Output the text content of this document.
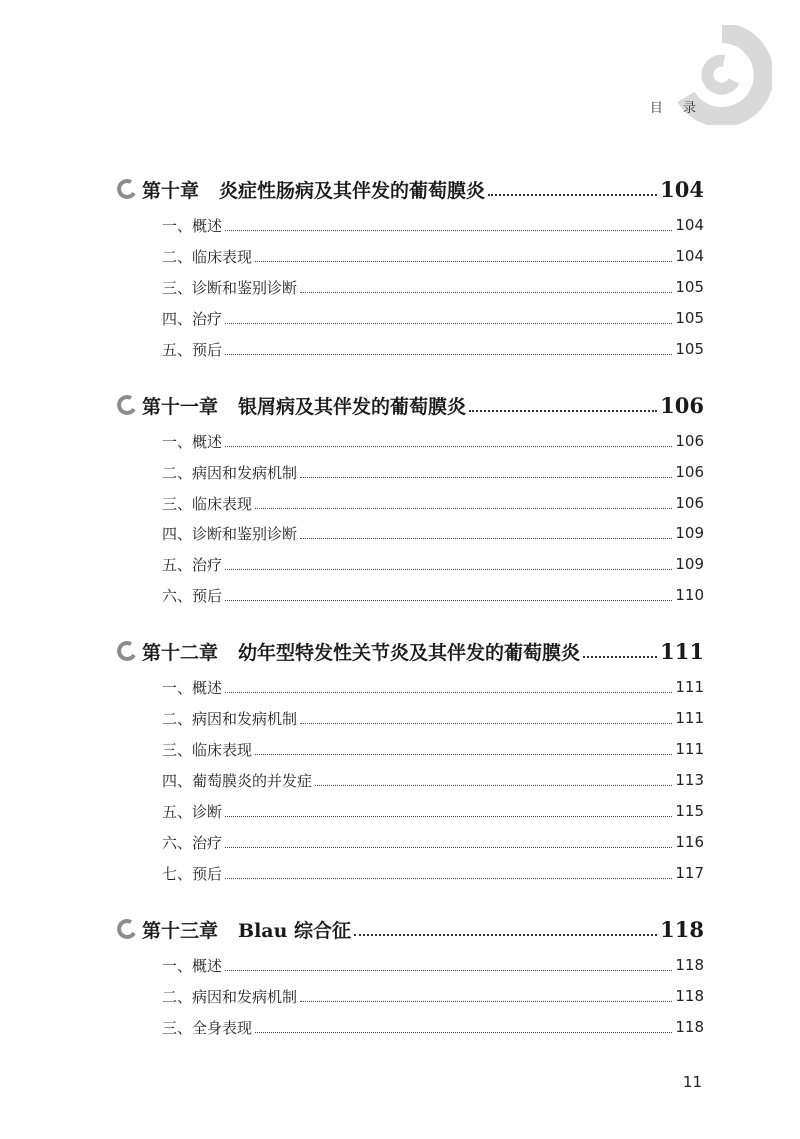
目 录
第十章 炎症性肠病及其伴发的葡萄膜炎	104
一、概述	104
二、临床表现	104
三、诊断和鉴别诊断	105
四、治疗	105
五、预后	105
第十一章 银屑病及其伴发的葡萄膜炎	106
一、概述	106
二、病因和发病机制	106
三、临床表现	106
四、诊断和鉴别诊断	109
五、治疗	109
六、预后	110
第十二章 幼年型特发性关节炎及其伴发的葡萄膜炎	111
一、概述	111
二、病因和发病机制	111
三、临床表现	111
四、葡萄膜炎的并发症	113
五、诊断	115
六、治疗	116
七、预后	117
第十三章 Blau 综合征	118
一、概述	118
二、病因和发病机制	118
三、全身表现	118
11
